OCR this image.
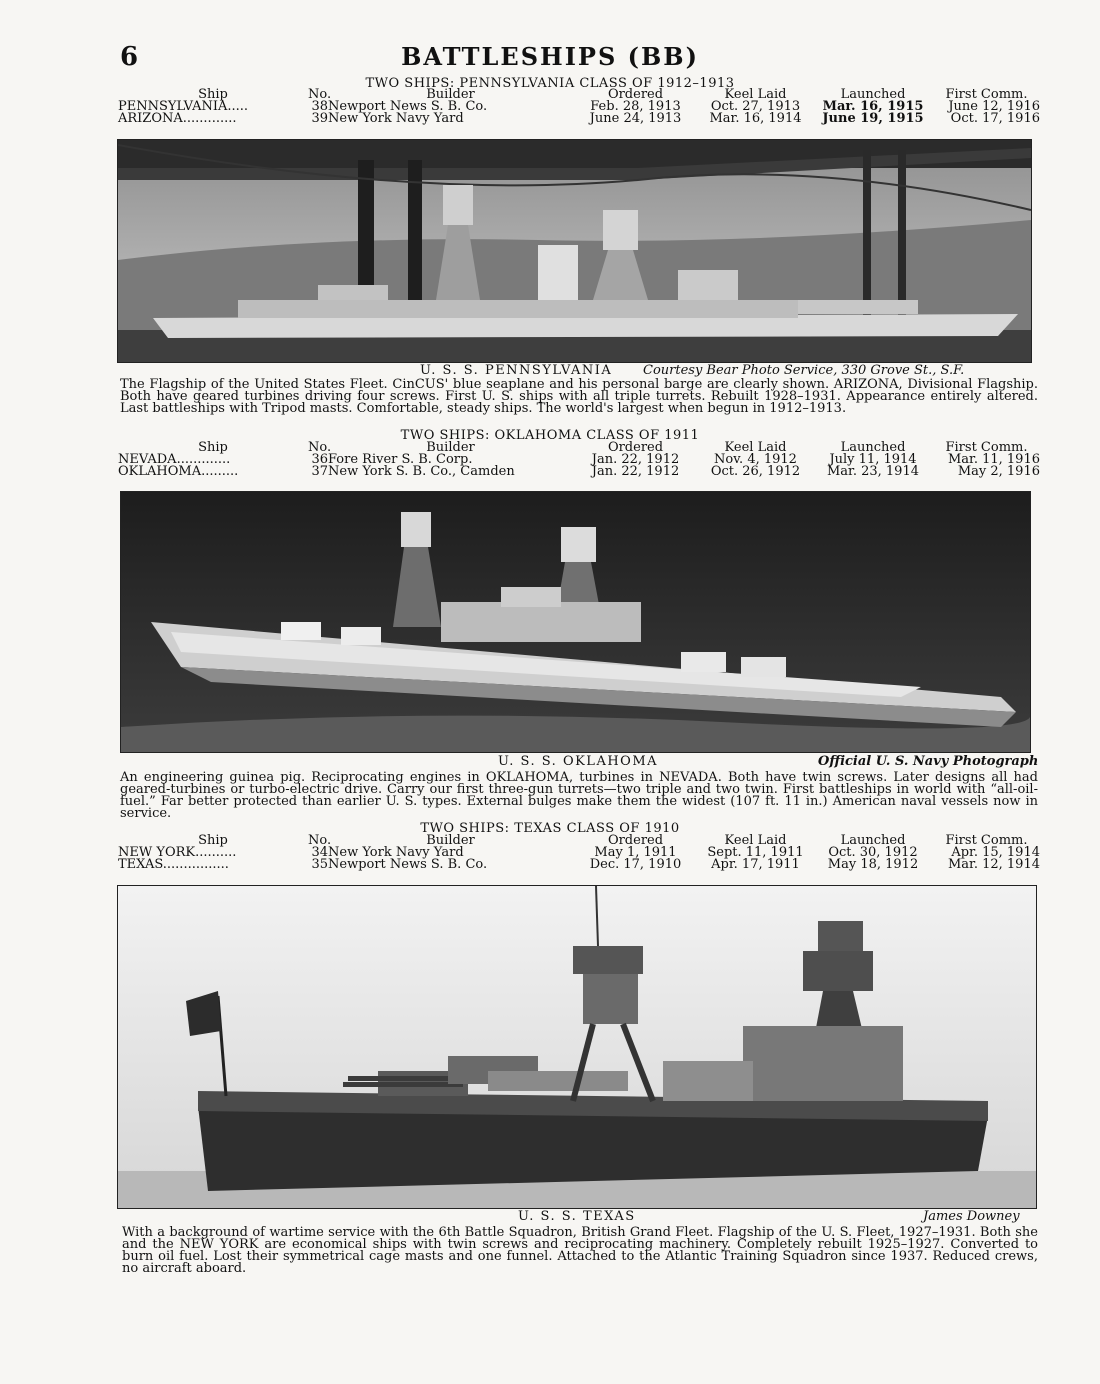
6	BATTLESHIPS (BB)
TWO SHIPS: PENNSYLVANIA CLASS OF 1912–1913
Ship	No.	Builder	Ordered	Keel Laid	Launched	First Comm.
PENNSYLVANIA.....	38	Newport News S. B. Co.	Feb. 28, 1913	Oct. 27, 1913	Mar. 16, 1915	June 12, 1916
ARIZONA.............	39	New York Navy Yard	June 24, 1913	Mar. 16, 1914	June 19, 1915	Oct. 17, 1916
U. S. S. PENNSYLVANIA Courtesy Bear Photo Service, 330 Grove St., S.F.
The Flagship of the United States Fleet. CinCUS' blue seaplane and his personal barge are clearly shown. ARIZONA, Divisional Flagship. Both have geared turbines driving four screws. First U. S. ships with all triple turrets. Rebuilt 1928–1931. Appearance entirely altered. Last battleships with Tripod masts. Comfortable, steady ships. The world's largest when begun in 1912–1913.
TWO SHIPS: OKLAHOMA CLASS OF 1911
Ship	No.	Builder	Ordered	Keel Laid	Launched	First Comm.
NEVADA.............	36	Fore River S. B. Corp.	Jan. 22, 1912	Nov. 4, 1912	July 11, 1914	Mar. 11, 1916
OKLAHOMA.........	37	New York S. B. Co., Camden	Jan. 22, 1912	Oct. 26, 1912	Mar. 23, 1914	May 2, 1916
U. S. S. OKLAHOMA	Official U. S. Navy Photograph
An engineering guinea pig. Reciprocating engines in OKLAHOMA, turbines in NEVADA. Both have twin screws. Later designs all had geared-turbines or turbo-electric drive. Carry our first three-gun turrets—two triple and two twin. First battleships in world with “all-oil-fuel.” Far better protected than earlier U. S. types. External bulges make them the widest (107 ft. 11 in.) American naval vessels now in service.
TWO SHIPS: TEXAS CLASS OF 1910
Ship	No.	Builder	Ordered	Keel Laid	Launched	First Comm.
NEW YORK..........	34	New York Navy Yard	May 1, 1911	Sept. 11, 1911	Oct. 30, 1912	Apr. 15, 1914
TEXAS................	35	Newport News S. B. Co.	Dec. 17, 1910	Apr. 17, 1911	May 18, 1912	Mar. 12, 1914
U. S. S. TEXAS	James Downey
With a background of wartime service with the 6th Battle Squadron, British Grand Fleet. Flagship of the U. S. Fleet, 1927–1931. Both she and the NEW YORK are economical ships with twin screws and reciprocating machinery. Completely rebuilt 1925–1927. Converted to burn oil fuel. Lost their symmetrical cage masts and one funnel. Attached to the Atlantic Training Squadron since 1937. Reduced crews, no aircraft aboard.
